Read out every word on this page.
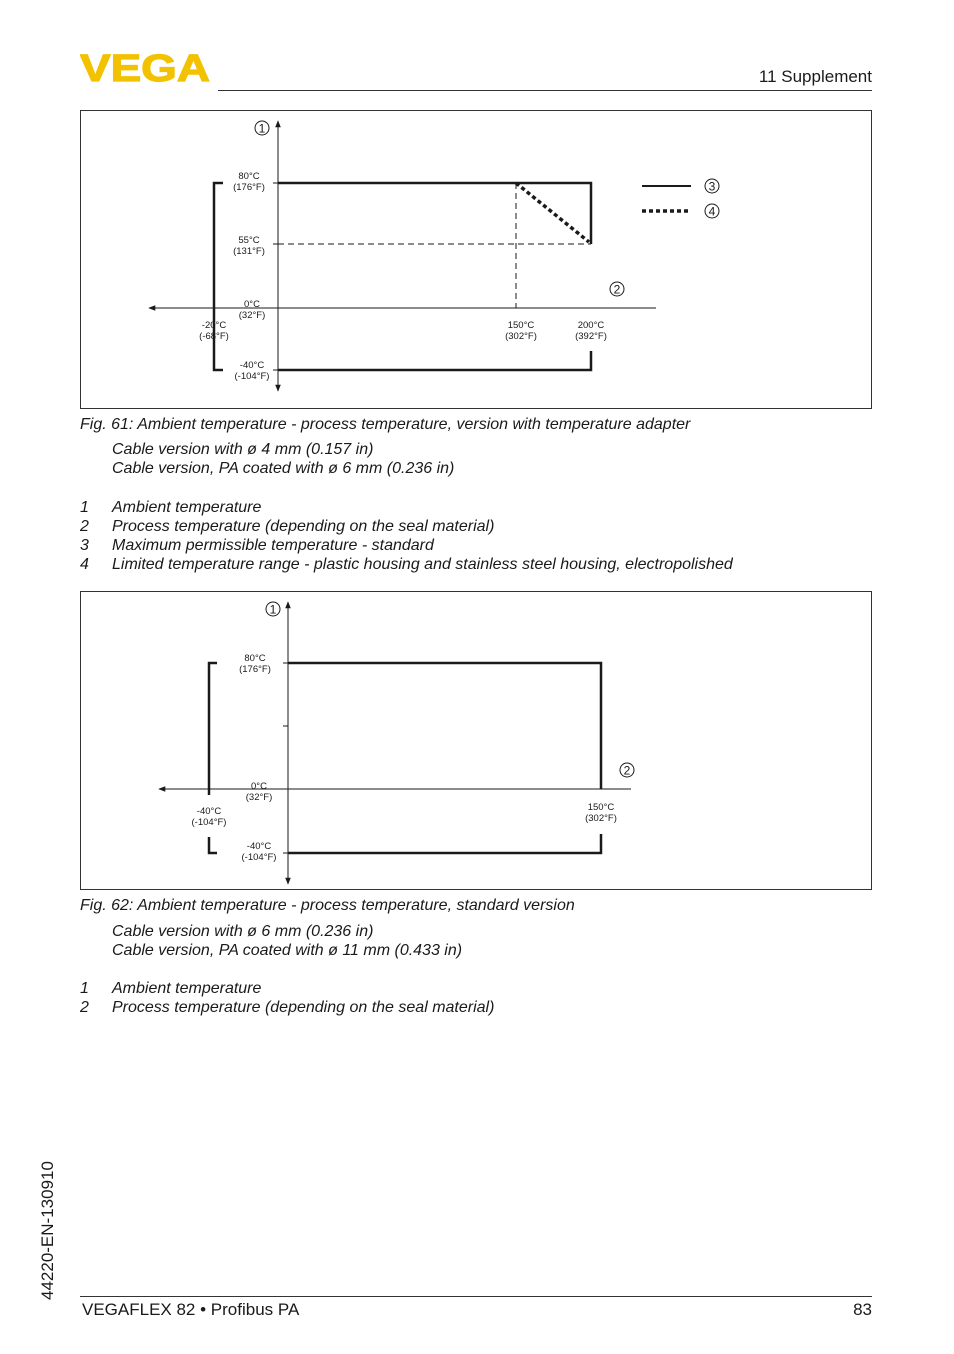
VEGA	11 Supplement
1
2
3
4
80°C
(176°F)
55°C
(131°F)
0°C
(32°F)
-40°C
(-104°F)
-20°C
(-68°F)
150°C
(302°F)
200°C
(392°F)
Fig. 61: Ambient temperature - process temperature, version with temperature adapter
Cable version with ø 4 mm (0.157 in)
Cable version, PA coated with ø 6 mm (0.236 in)
1 Ambient temperature
2 Process temperature (depending on the seal material)
3 Maximum permissible temperature - standard
4 Limited temperature range - plastic housing and stainless steel housing, electropolished
1
2
80°C
(176°F)
0°C
(32°F)
-40°C
(-104°F)
-40°C
(-104°F)
150°C
(302°F)
Fig. 62: Ambient temperature - process temperature, standard version
Cable version with ø 6 mm (0.236 in)
Cable version, PA coated with ø 11 mm (0.433 in)
1 Ambient temperature
2 Process temperature (depending on the seal material)
44220-EN-130910
VEGAFLEX 82 • Profibus PA	83
